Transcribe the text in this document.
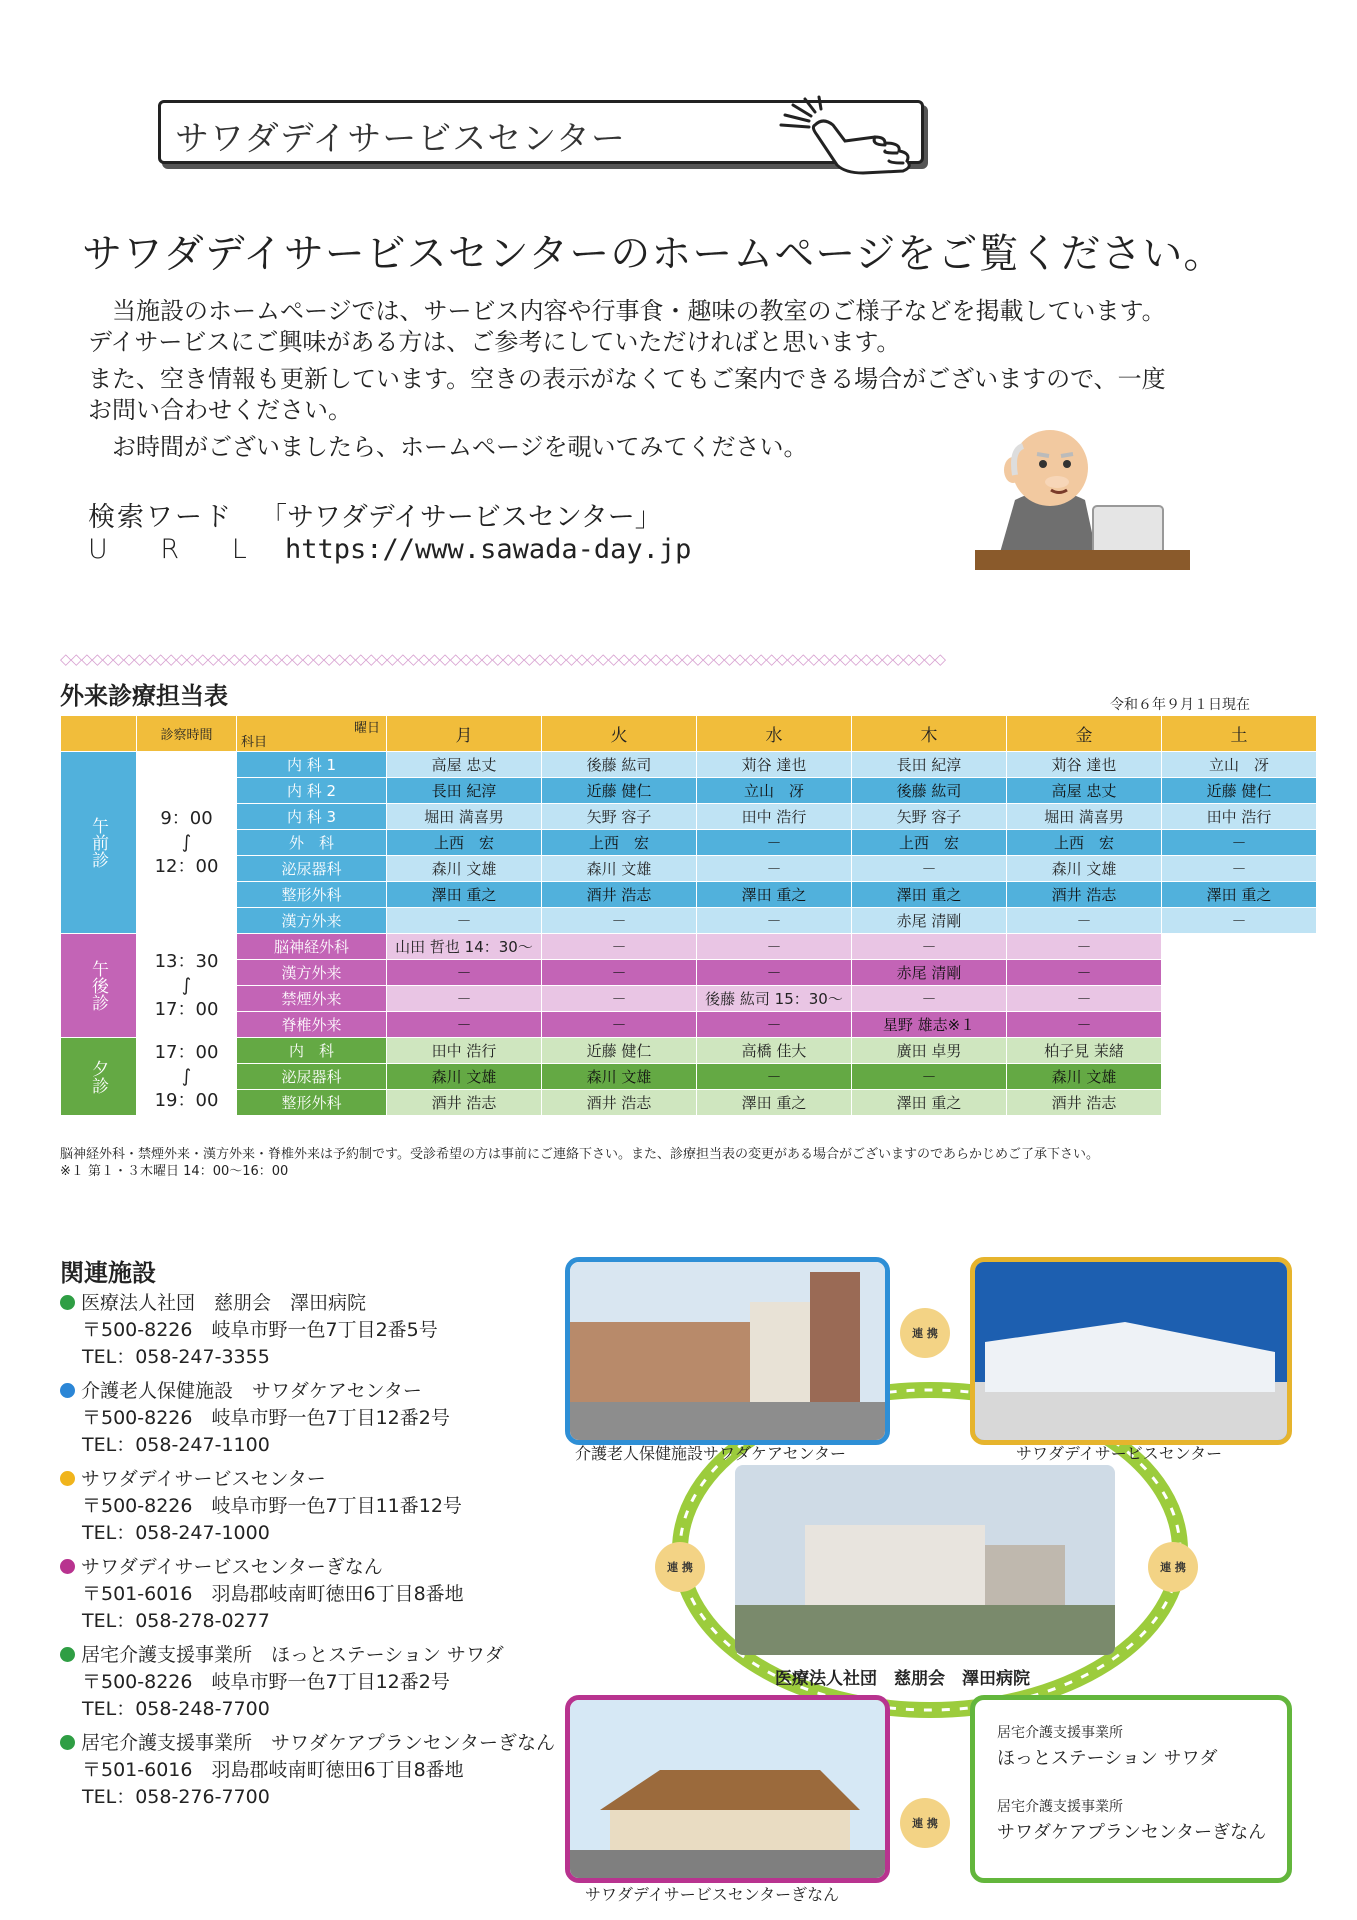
サワダデイサービスセンター
サワダデイサービスセンターのホームページをご覧ください。
当施設のホームページでは、サービス内容や行事食・趣味の教室のご様子などを掲載しています。
デイサービスにご興味がある方は、ご参考にしていただければと思います。
また、空き情報も更新しています。空きの表示がなくてもご案内できる場合がございますので、一度
お問い合わせください。
お時間がございましたら、ホームページを覗いてみてください。
検索ワード 「サワダデイサービスセンター」
U R L https://www.sawada-day.jp
◇◇◇◇◇◇◇◇◇◇◇◇◇◇◇◇◇◇◇◇◇◇◇◇◇◇◇◇◇◇◇◇◇◇◇◇◇◇◇◇◇◇◇◇◇◇◇◇◇◇◇◇◇◇◇◇◇◇◇◇◇◇◇◇◇◇◇◇◇◇◇◇◇◇◇◇◇◇◇◇◇◇◇◇
外来診療担当表	令和６年９月１日現在
	診察時間	曜日
科目	月	火	水	木	金	土
午前診	9：00
∫
12：00	内 科 1	高屋 忠丈	後藤 紘司	苅谷 達也	長田 紀淳	苅谷 達也	立山　冴
		内 科 2	長田 紀淳	近藤 健仁	立山　冴	後藤 紘司	高屋 忠丈	近藤 健仁
		内 科 3	堀田 満喜男	矢野 容子	田中 浩行	矢野 容子	堀田 満喜男	田中 浩行
		外　科	上西　宏	上西　宏	－	上西　宏	上西　宏	－
		泌尿器科	森川 文雄	森川 文雄	－	－	森川 文雄	－
		整形外科	澤田 重之	酒井 浩志	澤田 重之	澤田 重之	酒井 浩志	澤田 重之
		漢方外来	－	－	－	赤尾 清剛	－	－
午後診	13：30
∫
17：00	脳神経外科	山田 哲也 14：30～	－	－	－	－	
		漢方外来	－	－	－	赤尾 清剛	－	
		禁煙外来	－	－	後藤 紘司 15：30～	－	－	
		脊椎外来	－	－	－	星野 雄志※１	－	
夕診	17：00
∫
19：00	内　科	田中 浩行	近藤 健仁	高橋 佳大	廣田 卓男	柏子見 茉緒	
		泌尿器科	森川 文雄	森川 文雄	－	－	森川 文雄	
		整形外科	酒井 浩志	酒井 浩志	澤田 重之	澤田 重之	酒井 浩志	
脳神経外科・禁煙外来・漢方外来・脊椎外来は予約制です。受診希望の方は事前にご連絡下さい。また、診療担当表の変更がある場合がございますのであらかじめご了承下さい。
※１ 第１・３木曜日 14：00～16：00
関連施設
医療法人社団　慈朋会　澤田病院
〒500-8226　岐阜市野一色7丁目2番5号
TEL：058-247-3355
介護老人保健施設　サワダケアセンター
〒500-8226　岐阜市野一色7丁目12番2号
TEL：058-247-1100
サワダデイサービスセンター
〒500-8226　岐阜市野一色7丁目11番12号
TEL：058-247-1000
サワダデイサービスセンターぎなん
〒501-6016　羽島郡岐南町徳田6丁目8番地
TEL：058-278-0277
居宅介護支援事業所　ほっとステーション サワダ
〒500-8226　岐阜市野一色7丁目12番2号
TEL：058-248-7700
居宅介護支援事業所　サワダケアプランセンターぎなん
〒501-6016　羽島郡岐南町徳田6丁目8番地
TEL：058-276-7700
介護老人保健施設サワダケアセンター	サワダデイサービスセンター
医療法人社団　慈朋会　澤田病院
サワダデイサービスセンターぎなん
居宅介護支援事業所
ほっとステーション サワダ
居宅介護支援事業所
サワダケアプランセンターぎなん
連 携
連 携	連 携
連 携
